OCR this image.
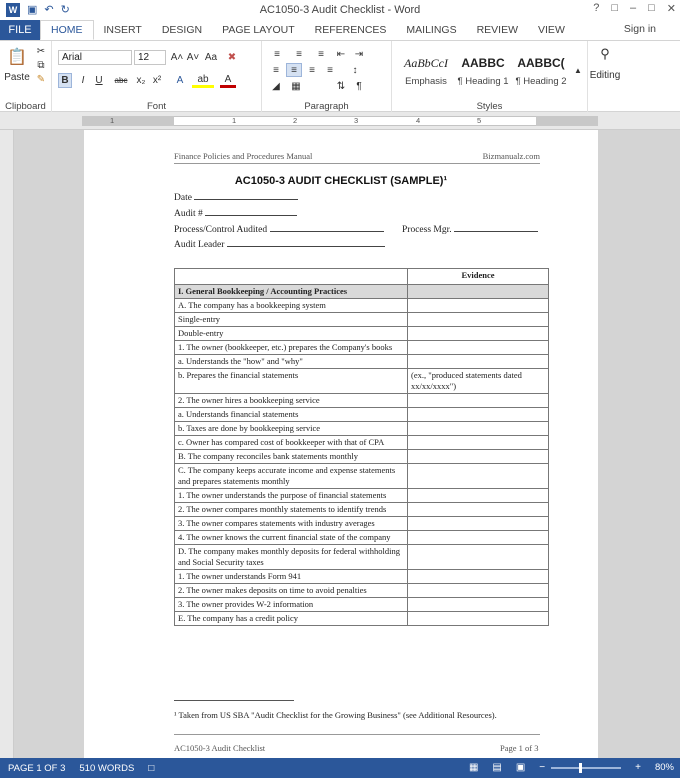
W ▣ ↶ ↻	AC1050-3 Audit Checklist - Word	? □ – □ ✕
FILE	HOME	INSERT	DESIGN	PAGE LAYOUT	REFERENCES	MAILINGS	REVIEW	VIEW	Sign in
📋
Paste
✂
⧉
✎
Clipboard
Arial	12 A˄ A˅ Aa	✖
B	I	U	abc x₂ x²	A	ab	A
Font
≡	≡	≡	⇤ ⇥
≡	≡	≡	≡	↕
◢	▦	⇅	¶
Paragraph
AaBbCcI
Emphasis
AABBC
¶ Heading 1
AABBC(
¶ Heading 2
▲
Styles
⚲
Editing
1	1	2	3	4	5
Finance Policies and Procedures Manual	Bizmanualz.com
AC1050-3 AUDIT CHECKLIST (SAMPLE)¹
Date
Audit #
Process/Control Audited	Process Mgr.
Audit Leader
	Evidence
I. General Bookkeeping / Accounting Practices	
A. The company has a bookkeeping system	
Single-entry	
Double-entry	
1. The owner (bookkeeper, etc.) prepares the Company's books	
a. Understands the "how" and "why"	
b. Prepares the financial statements	(ex., "produced statements dated xx/xx/xxxx")
2. The owner hires a bookkeeping service	
a. Understands financial statements	
b. Taxes are done by bookkeeping service	
c. Owner has compared cost of bookkeeper with that of CPA	
B. The company reconciles bank statements monthly	
C. The company keeps accurate income and expense statements and prepares statements monthly	
1. The owner understands the purpose of financial statements	
2. The owner compares monthly statements to identify trends	
3. The owner compares statements with industry averages	
4. The owner knows the current financial state of the company	
D. The company makes monthly deposits for federal withholding and Social Security taxes	
1. The owner understands Form 941	
2. The owner makes deposits on time to avoid penalties	
3. The owner provides W-2 information	
E. The company has a credit policy	
¹ Taken from US SBA "Audit Checklist for the Growing Business" (see Additional Resources).
AC1050-3 Audit Checklist	Page 1 of 3
PAGE 1 OF 3 510 WORDS □	▦ ▤ ▣ −	+ 80%
